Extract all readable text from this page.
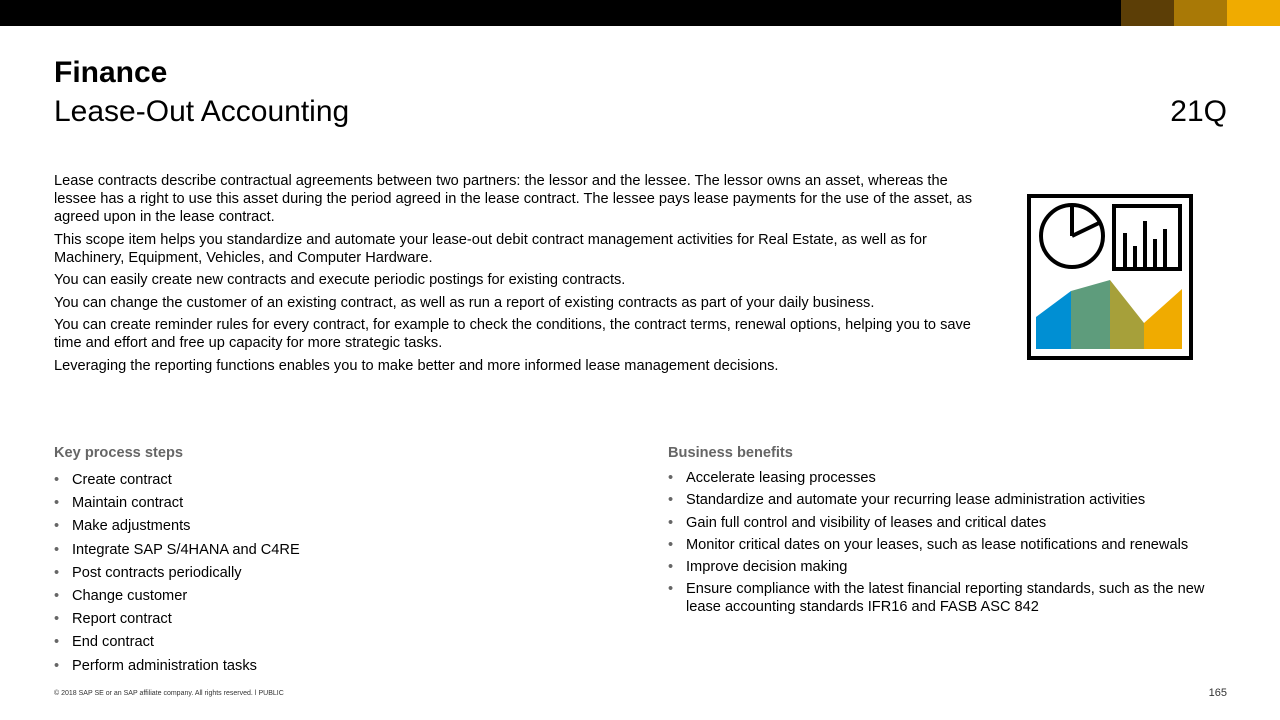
Finance
Lease-Out Accounting	21Q

Lease contracts describe contractual agreements between two partners: the lessor and the lessee. The lessor owns an asset, whereas the lessee has a right to use this asset during the period agreed in the lease contract. The lessee pays lease payments for the use of the asset, as agreed upon in the lease contract.

This scope item helps you standardize and automate your lease-out debit contract management activities for Real Estate, as well as for Machinery, Equipment, Vehicles, and Computer Hardware.

You can easily create new contracts and execute periodic postings for existing contracts.

You can change the customer of an existing contract, as well as run a report of existing contracts as part of your daily business.

You can create reminder rules for every contract, for example to check the conditions, the contract terms, renewal options, helping you to save time and effort and free up capacity for more strategic tasks.

Leveraging the reporting functions enables you to make better and more informed lease management decisions.

Key process steps
• Create contract
• Maintain contract
• Make adjustments
• Integrate SAP S/4HANA and C4RE
• Post contracts periodically
• Change customer
• Report contract
• End contract
• Perform administration tasks
Business benefits
• Accelerate leasing processes
• Standardize and automate your recurring lease administration activities
• Gain full control and visibility of leases and critical dates
• Monitor critical dates on your leases, such as lease notifications and renewals
• Improve decision making
• Ensure compliance with the latest financial reporting standards, such as the new lease accounting standards IFR16 and FASB ASC 842
© 2018 SAP SE or an SAP affiliate company. All rights reserved. ǀ PUBLIC	165
